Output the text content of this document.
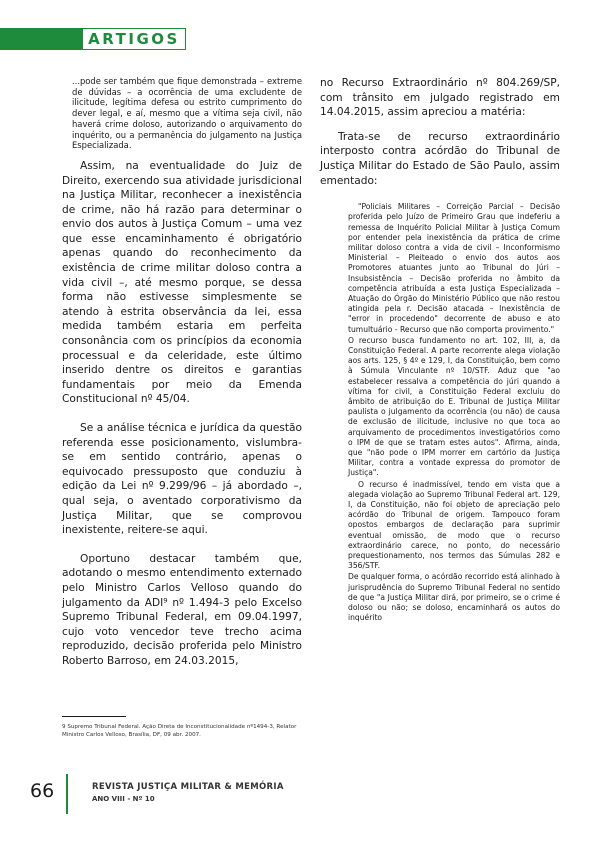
ARTIGOS

...pode ser também que fique demonstrada – extreme de dúvidas – a ocorrência de uma excludente de ilicitude, legítima defesa ou estrito cumprimento do dever legal, e aí, mesmo que a vítima seja civil, não haverá crime doloso, autorizando o arquivamento do inquérito, ou a permanência do julgamento na Justiça Especializada.

Assim, na eventualidade do Juiz de Direito, exercendo sua atividade jurisdicional na Justiça Militar, reconhecer a inexistência de crime, não há razão para determinar o envio dos autos à Justiça Comum – uma vez que esse encaminhamento é obrigatório apenas quando do reconhecimento da existência de crime militar doloso contra a vida civil –, até mesmo porque, se dessa forma não estivesse simplesmente se atendo à estrita observância da lei, essa medida também estaria em perfeita consonância com os princípios da economia processual e da celeridade, este último inserido dentre os direitos e garantias fundamentais por meio da Emenda Constitucional nº 45/04.

Se a análise técnica e jurídica da questão referenda esse posicionamento, vislumbra-se em sentido contrário, apenas o equivocado pressuposto que conduziu à edição da Lei nº 9.299/96 – já abordado –, qual seja, o aventado corporativismo da Justiça Militar, que se comprovou inexistente, reitere-se aqui.

Oportuno destacar também que, adotando o mesmo entendimento externado pelo Ministro Carlos Velloso quando do julgamento da ADI⁹ nº 1.494-3 pelo Excelso Supremo Tribunal Federal, em 09.04.1997, cujo voto vencedor teve trecho acima reproduzido, decisão proferida pelo Ministro Roberto Barroso, em 24.03.2015,

no Recurso Extraordinário nº 804.269/SP, com trânsito em julgado registrado em 14.04.2015, assim apreciou a matéria:

Trata-se de recurso extraordinário interposto contra acórdão do Tribunal de Justiça Militar do Estado de São Paulo, assim ementado:

"Policiais Militares – Correição Parcial – Decisão proferida pelo Juízo de Primeiro Grau que indeferiu a remessa de Inquérito Policial Militar à Justiça Comum por entender pela inexistência da prática de crime militar doloso contra a vida de civil – Inconformismo Ministerial – Pleiteado o envio dos autos aos Promotores atuantes junto ao Tribunal do Júri – Insubsistência – Decisão proferida no âmbito da competência atribuída a esta Justiça Especializada – Atuação do Órgão do Ministério Público que não restou atingida pela r. Decisão atacada – Inexistência de "error in procedendo" decorrente de abuso e ato tumultuário - Recurso que não comporta provimento."

O recurso busca fundamento no art. 102, III, a, da Constituição Federal. A parte recorrente alega violação aos arts. 125, § 4º e 129, I, da Constituição, bem como à Súmula Vinculante nº 10/STF. Aduz que "ao estabelecer ressalva a competência do júri quando a vítima for civil, a Constituição Federal excluiu do âmbito de atribuição do E. Tribunal de Justiça Militar paulista o julgamento da ocorrência (ou não) de causa de exclusão de ilicitude, inclusive no que toca ao arquivamento de procedimentos investigatórios como o IPM de que se tratam estes autos". Afirma, ainda, que "não pode o IPM morrer em cartório da Justiça Militar, contra a vontade expressa do promotor de Justiça".

O recurso é inadmissível, tendo em vista que a alegada violação ao Supremo Tribunal Federal art. 129, I, da Constituição, não foi objeto de apreciação pelo acórdão do Tribunal de origem. Tampouco foram opostos embargos de declaração para suprimir eventual omissão, de modo que o recurso extraordinário carece, no ponto, do necessário prequestionamento, nos termos das Súmulas 282 e 356/STF.

De qualquer forma, o acórdão recorrido está alinhado à jurisprudência do Supremo Tribunal Federal no sentido de que "a Justiça Militar dirá, por primeiro, se o crime é doloso ou não; se doloso, encaminhará os autos do inquérito

9 Supremo Tribunal Federal. Ação Direta de Inconstitucionalidade nº1494-3, Relator Ministro Carlos Velloso, Brasília, DF, 09 abr. 2007.
66	REVISTA JUSTIÇA MILITAR & MEMÓRIA
ANO VIII - Nº 10
